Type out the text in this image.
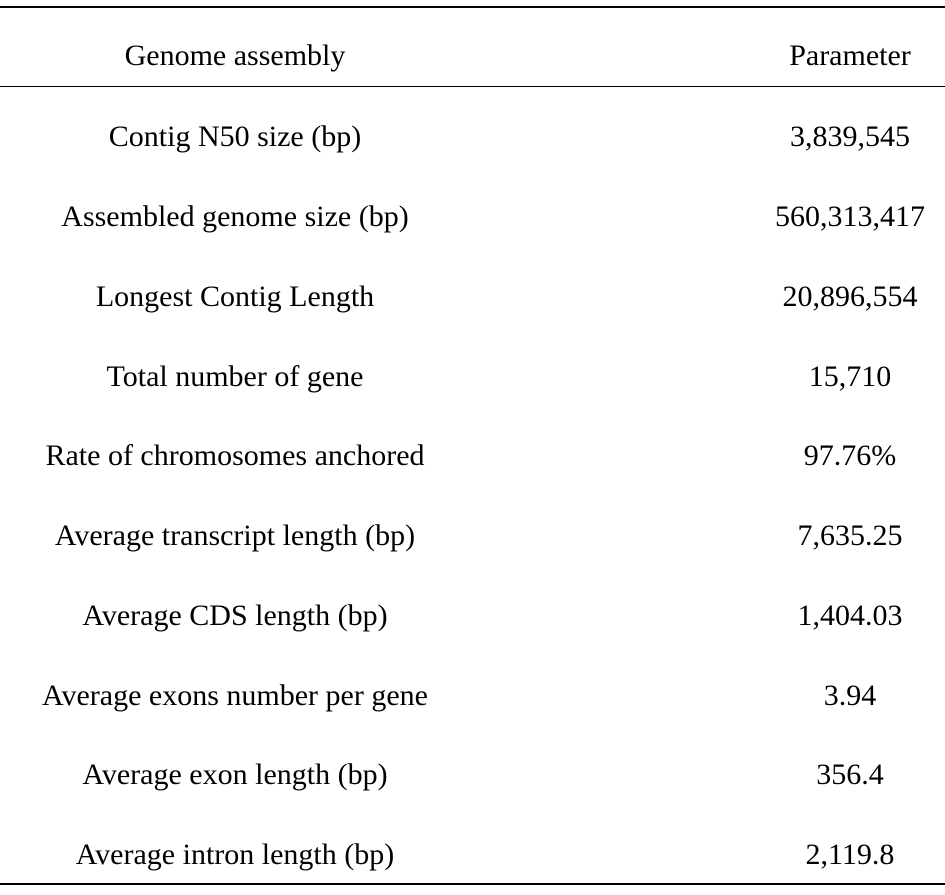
Genome assembly	Parameter
Contig N50 size (bp)	3,839,545
Assembled genome size (bp)	560,313,417
Longest Contig Length	20,896,554
Total number of gene	15,710
Rate of chromosomes anchored	97.76%
Average transcript length (bp)	7,635.25
Average CDS length (bp)	1,404.03
Average exons number per gene	3.94
Average exon length (bp)	356.4
Average intron length (bp)	2,119.8
